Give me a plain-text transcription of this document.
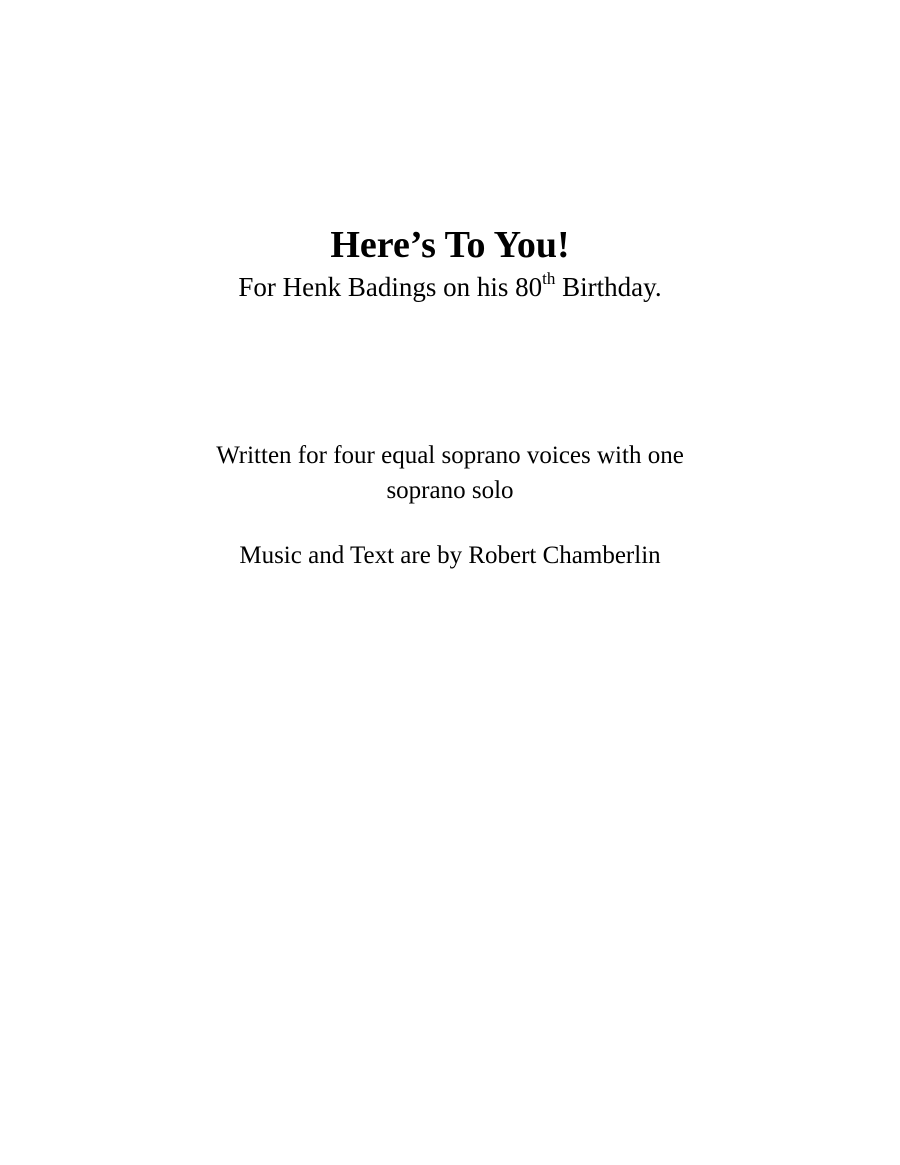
Here’s To You!

For Henk Badings on his 80th Birthday.

Written for four equal soprano voices with one

soprano solo

Music and Text are by Robert Chamberlin
